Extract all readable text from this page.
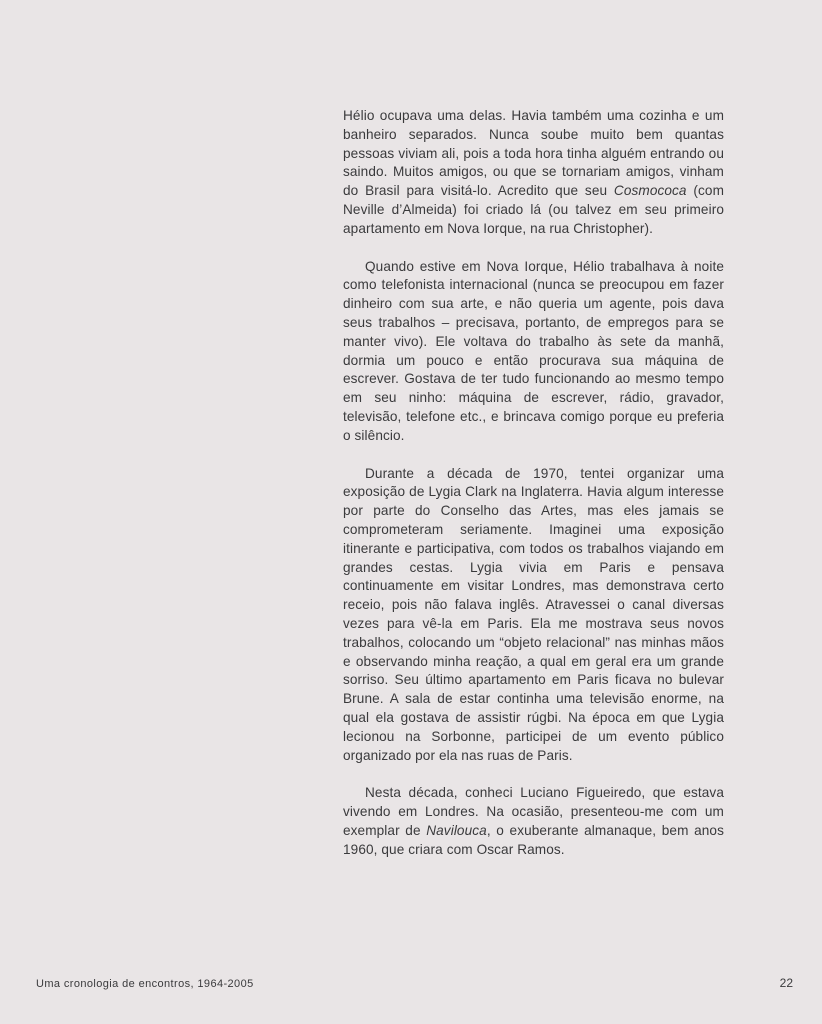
Hélio ocupava uma delas. Havia também uma cozinha e um banheiro separados. Nunca soube muito bem quantas pessoas viviam ali, pois a toda hora tinha alguém entrando ou saindo. Muitos amigos, ou que se tornariam amigos, vinham do Brasil para visitá-lo. Acredito que seu Cosmococa (com Neville d’Almeida) foi criado lá (ou talvez em seu primeiro apartamento em Nova Iorque, na rua Christopher).

Quando estive em Nova Iorque, Hélio trabalhava à noite como telefonista internacional (nunca se preocupou em fazer dinheiro com sua arte, e não queria um agente, pois dava seus trabalhos – precisava, portanto, de empregos para se manter vivo). Ele voltava do trabalho às sete da manhã, dormia um pouco e então procurava sua máquina de escrever. Gostava de ter tudo funcionando ao mesmo tempo em seu ninho: máquina de escrever, rádio, gravador, televisão, telefone etc., e brincava comigo porque eu preferia o silêncio.

Durante a década de 1970, tentei organizar uma exposição de Lygia Clark na Inglaterra. Havia algum interesse por parte do Conselho das Artes, mas eles jamais se comprometeram seriamente. Imaginei uma exposição itinerante e participativa, com todos os trabalhos viajando em grandes cestas. Lygia vivia em Paris e pensava continuamente em visitar Londres, mas demonstrava certo receio, pois não falava inglês. Atravessei o canal diversas vezes para vê-la em Paris. Ela me mostrava seus novos trabalhos, colocando um “objeto relacional” nas minhas mãos e observando minha reação, a qual em geral era um grande sorriso. Seu último apartamento em Paris ficava no bulevar Brune. A sala de estar continha uma televisão enorme, na qual ela gostava de assistir rúgbi. Na época em que Lygia lecionou na Sorbonne, participei de um evento público organizado por ela nas ruas de Paris.

Nesta década, conheci Luciano Figueiredo, que estava vivendo em Londres. Na ocasião, presenteou-me com um exemplar de Navilouca, o exuberante almanaque, bem anos 1960, que criara com Oscar Ramos.

Uma cronologia de encontros, 1964-2005	22
